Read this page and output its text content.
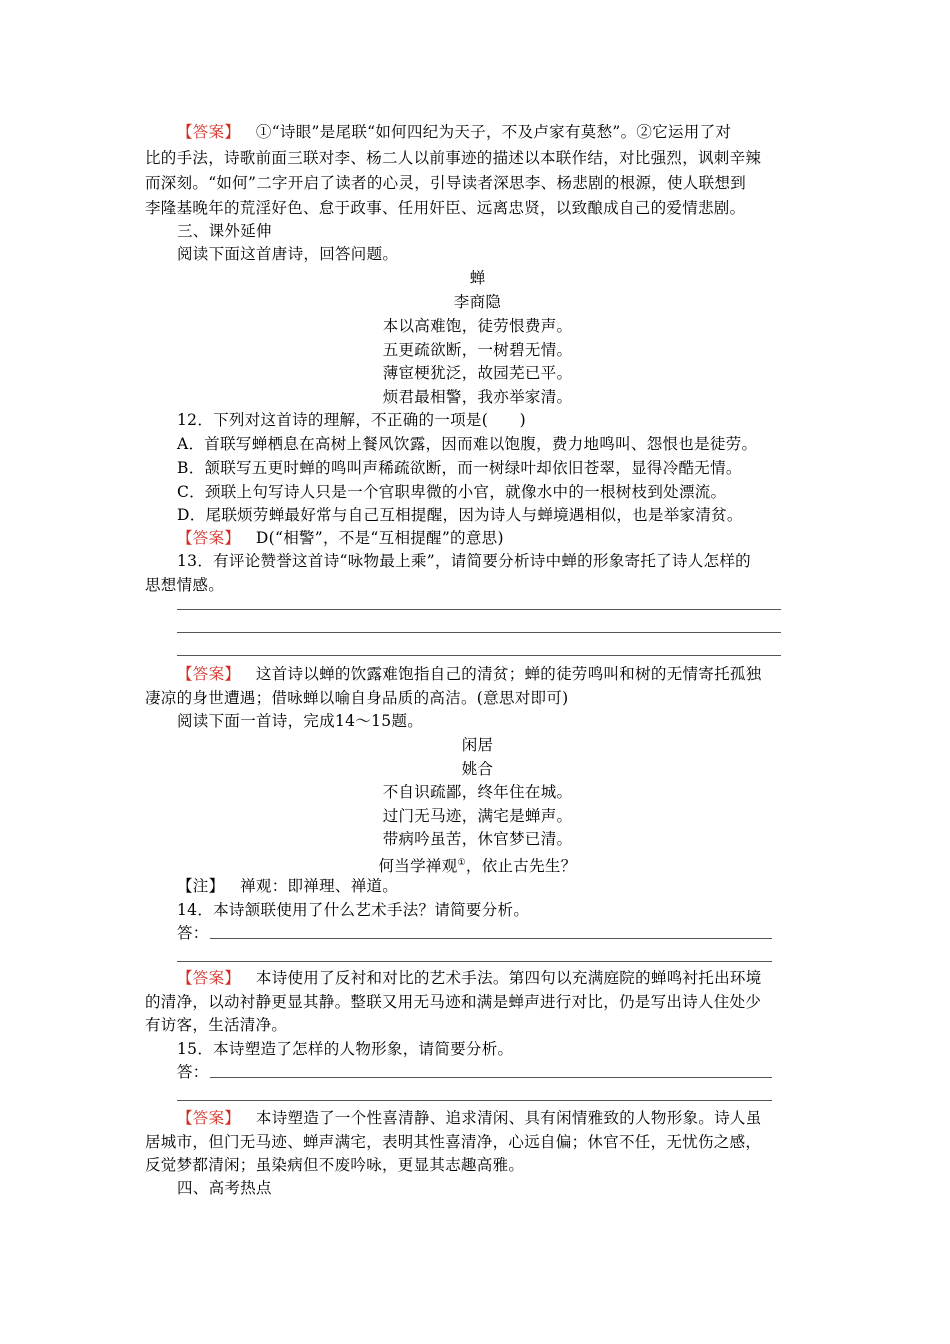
【答案】 ①“诗眼”是尾联“如何四纪为天子，不及卢家有莫愁”。②它运用了对
比的手法，诗歌前面三联对李、杨二人以前事迹的描述以本联作结，对比强烈，讽刺辛辣
而深刻。“如何”二字开启了读者的心灵，引导读者深思李、杨悲剧的根源，使人联想到
李隆基晚年的荒淫好色、怠于政事、任用奸臣、远离忠贤，以致酿成自己的爱情悲剧。
三、课外延伸
阅读下面这首唐诗，回答问题。
蝉
李商隐
本以高难饱，徒劳恨费声。
五更疏欲断，一树碧无情。
薄宦梗犹泛，故园芜已平。
烦君最相警，我亦举家清。
12．下列对这首诗的理解，不正确的一项是(　　)
A．首联写蝉栖息在高树上餐风饮露，因而难以饱腹，费力地鸣叫、怨恨也是徒劳。
B．颔联写五更时蝉的鸣叫声稀疏欲断，而一树绿叶却依旧苍翠，显得冷酷无情。
C．颈联上句写诗人只是一个官职卑微的小官，就像水中的一根树枝到处漂流。
D．尾联烦劳蝉最好常与自己互相提醒，因为诗人与蝉境遇相似，也是举家清贫。
【答案】 D(“相警”，不是“互相提醒”的意思)
13．有评论赞誉这首诗“咏物最上乘”，请简要分析诗中蝉的形象寄托了诗人怎样的
思想情感。
【答案】 这首诗以蝉的饮露难饱指自己的清贫；蝉的徒劳鸣叫和树的无情寄托孤独
凄凉的身世遭遇；借咏蝉以喻自身品质的高洁。(意思对即可)
阅读下面一首诗，完成14～15题。
闲居
姚合
不自识疏鄙，终年住在城。
过门无马迹，满宅是蝉声。
带病吟虽苦，休官梦已清。
何当学禅观①，依止古先生？
【注】 禅观：即禅理、禅道。
14．本诗颔联使用了什么艺术手法？请简要分析。
答：
【答案】 本诗使用了反衬和对比的艺术手法。第四句以充满庭院的蝉鸣衬托出环境
的清净，以动衬静更显其静。整联又用无马迹和满是蝉声进行对比，仍是写出诗人住处少
有访客，生活清净。
15．本诗塑造了怎样的人物形象，请简要分析。
答：
【答案】 本诗塑造了一个性喜清静、追求清闲、具有闲情雅致的人物形象。诗人虽
居城市，但门无马迹、蝉声满宅，表明其性喜清净，心远自偏；休官不任，无忧伤之感，
反觉梦都清闲；虽染病但不废吟咏，更显其志趣高雅。
四、高考热点
